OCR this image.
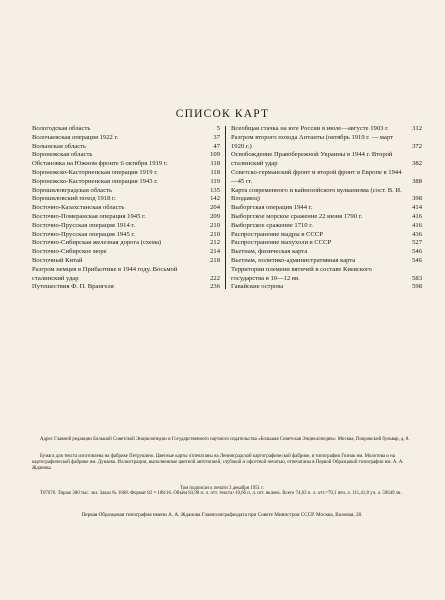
СПИСОК КАРТ
Вологодская область	5
Волочаевская операция 1922 г.	37
Волынская область	47
Воронежская область	109
Обстановка на Южном фронте 6 октября 1919 г.	118
Воронежско-Касторненская операция 1919 г.	118
Воронежско-Касторненская операция 1943 г.	119
Ворошиловградская область	135
Ворошиловский поход 1918 г.	142
Восточно-Казахстанская область	204
Восточно-Померанская операция 1945 г.	209
Восточно-Прусская операция 1914 г.	210
Восточно-Прусская операция 1945 г.	210
Восточно-Сибирская железная дорога (схема)	212
Восточно-Сибирское море	214
Восточный Китай	218
Разгром немцев в Прибалтике в 1944 году. Восьмой сталинский удар	222
Путешествия Ф. П. Врангеля	236
Всеобщая стачка на юге России в июле—августе 1903 г.	312
Разгром второго похода Антанты (октябрь 1919 г. — март 1920 г.)	372
Освобождение Правобережной Украины в 1944 г. Второй сталинский удар	382
Советско-германский фронт и второй фронт в Европе в 1944—45 гг.	388
Карта современного и кайнозойского вулканизма (сост. В. И. Влодавец)	398
Выборгская операция 1944 г.	414
Выборгское морское сражение 22 июня 1790 г.	416
Выборгское сражение 1710 г.	416
Распространение выдры в СССР	436
Распространение выхухоли в СССР	527
Вьетнам, физическая карта	546
Вьетнам, политико-административная карта	546
Территории племени вятичей в составе Киевского государства в 10—12 вв.	583
Гавайские острова	598

Адрес Главной редакции Большой Советской Энциклопедии и Государственного научного издательства «Большая Советская Энциклопедия»: Москва, Покровский бульвар, д. 8.

Бумага для текста изготовлена на фабрике Петрушино. Цветные карты отпечатаны на Ленинградской картографической фабрике, в типографии Гознак им. Молотова и на картографической фабрике им. Дунаева. Иллюстрации, выполненные цветной автотипией, глубокой и офсетной печатью, отпечатаны в Первой Образцовой типографии им. А. А. Жданова.

Том подписан к печати 3 декабря 1951 г.

Т07076. Тираж 300 тыс. экз. Заказ № 1668. Формат 82 × 108/16. Объём 83,98 п. л. отт. текста+10,66 п. л. отт. вклеек. Всего 74,63 п. л. отт.=79,1 печ. л. 111,41,8 уч. л. 59649 зн.

Первая Образцовая типография имени А. А. Жданова Главполиграфиздата при Совете Министров СССР. Москва, Валовая, 28.
